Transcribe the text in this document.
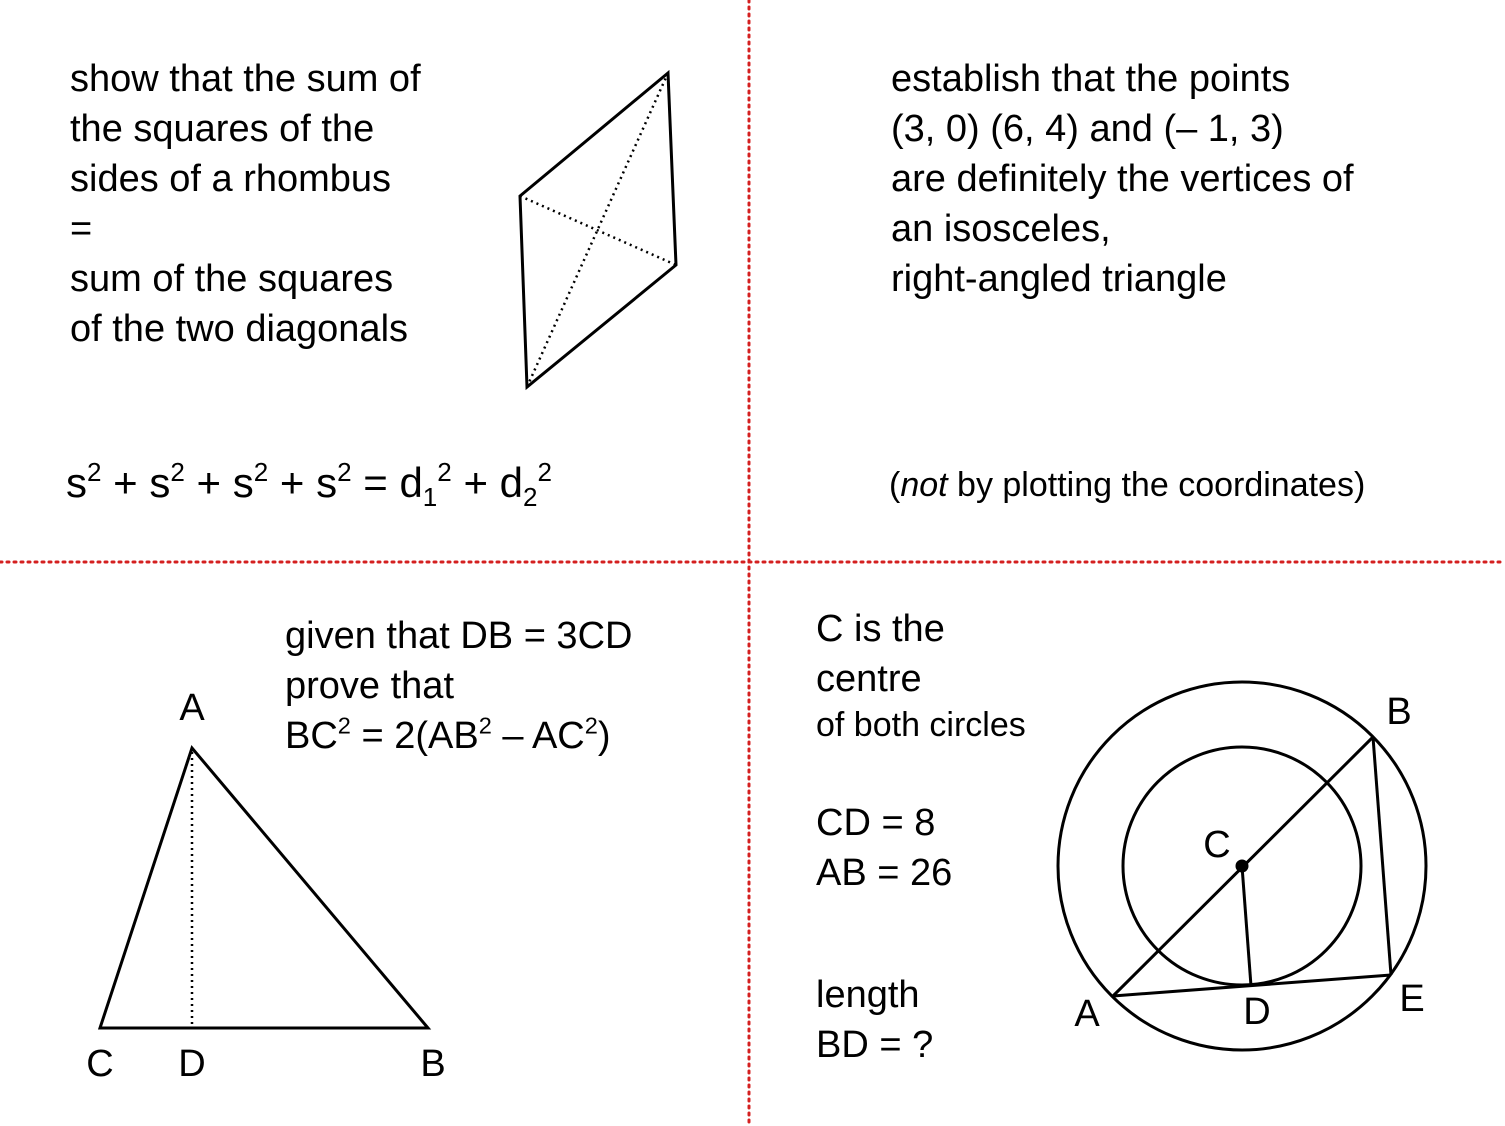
show that the sum of
the squares of the
sides of a rhombus
=
sum of the squares
of the two diagonals
$s^2 + s^2 + s^2 + s^2 = d_1^2 + d_2^2$
establish that the points
(3, 0) (6, 4) and (– 1, 3)
are definitely the vertices of
an isosceles,
right-angled triangle
(not by plotting the coordinates)
given that DB = 3CD
prove that
$BC^2 = 2(AB^2 - AC^2)$
A
C D	B
C is the
centre
of both circles
CD = 8
AB = 26
length
BD = ?
B
C
A	D	E
